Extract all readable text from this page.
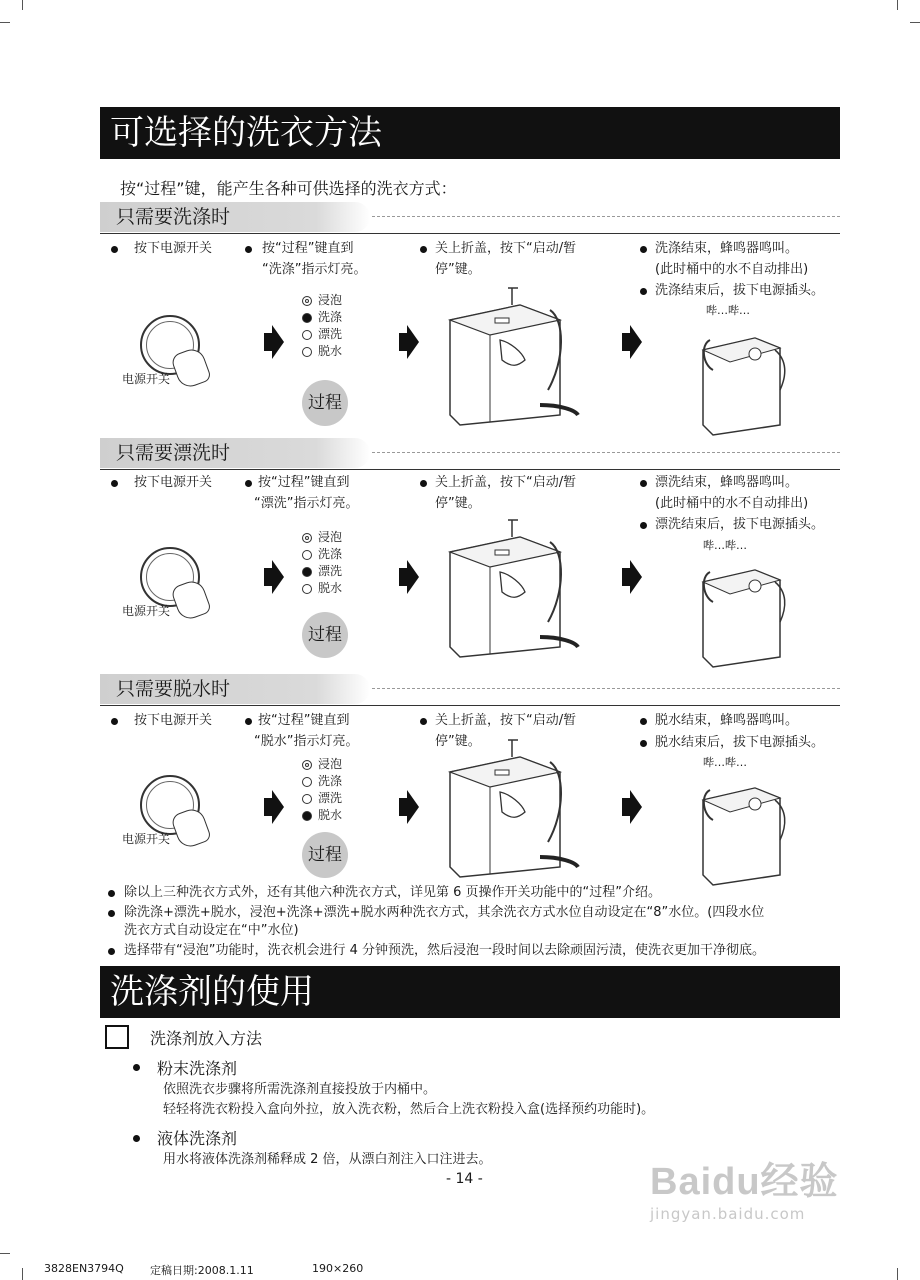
可选择的洗衣方法
按“过程”键，能产生各种可供选择的洗衣方式：
只需要洗涤时
按下电源开关
电源开关
按“过程”键直到
“洗涤”指示灯亮。
浸泡
洗涤
漂洗
脱水
过程
关上折盖，按下“启动/暂
停”键。
洗涤结束，蜂鸣器鸣叫。
(此时桶中的水不自动排出)
洗涤结束后，拔下电源插头。
哔…哔…
只需要漂洗时
按下电源开关
电源开关
按“过程”键直到
“漂洗”指示灯亮。
浸泡
洗涤
漂洗
脱水
过程
关上折盖，按下“启动/暂
停”键。
漂洗结束，蜂鸣器鸣叫。
(此时桶中的水不自动排出)
漂洗结束后，拔下电源插头。
哔…哔…
只需要脱水时
按下电源开关
电源开关
按“过程”键直到
“脱水”指示灯亮。
浸泡
洗涤
漂洗
脱水
过程
关上折盖，按下“启动/暂
停”键。
脱水结束，蜂鸣器鸣叫。
脱水结束后，拔下电源插头。
哔…哔…
除以上三种洗衣方式外，还有其他六种洗衣方式，详见第 6 页操作开关功能中的“过程”介绍。
除洗涤+漂洗+脱水，浸泡+洗涤+漂洗+脱水两种洗衣方式，其余洗衣方式水位自动设定在“8”水位。(四段水位
洗衣方式自动设定在“中”水位)
选择带有“浸泡”功能时，洗衣机会进行 4 分钟预洗，然后浸泡一段时间以去除顽固污渍，使洗衣更加干净彻底。
洗涤剂的使用
洗涤剂放入方法
粉末洗涤剂
依照洗衣步骤将所需洗涤剂直接投放于内桶中。
轻轻将洗衣粉投入盒向外拉，放入洗衣粉，然后合上洗衣粉投入盒(选择预约功能时)。
液体洗涤剂
用水将液体洗涤剂稀释成 2 倍，从漂白剂注入口注进去。
- 14 -	Baidu经验
jingyan.baidu.com
3828EN3794Q 定稿日期:2008.1.11	190×260
